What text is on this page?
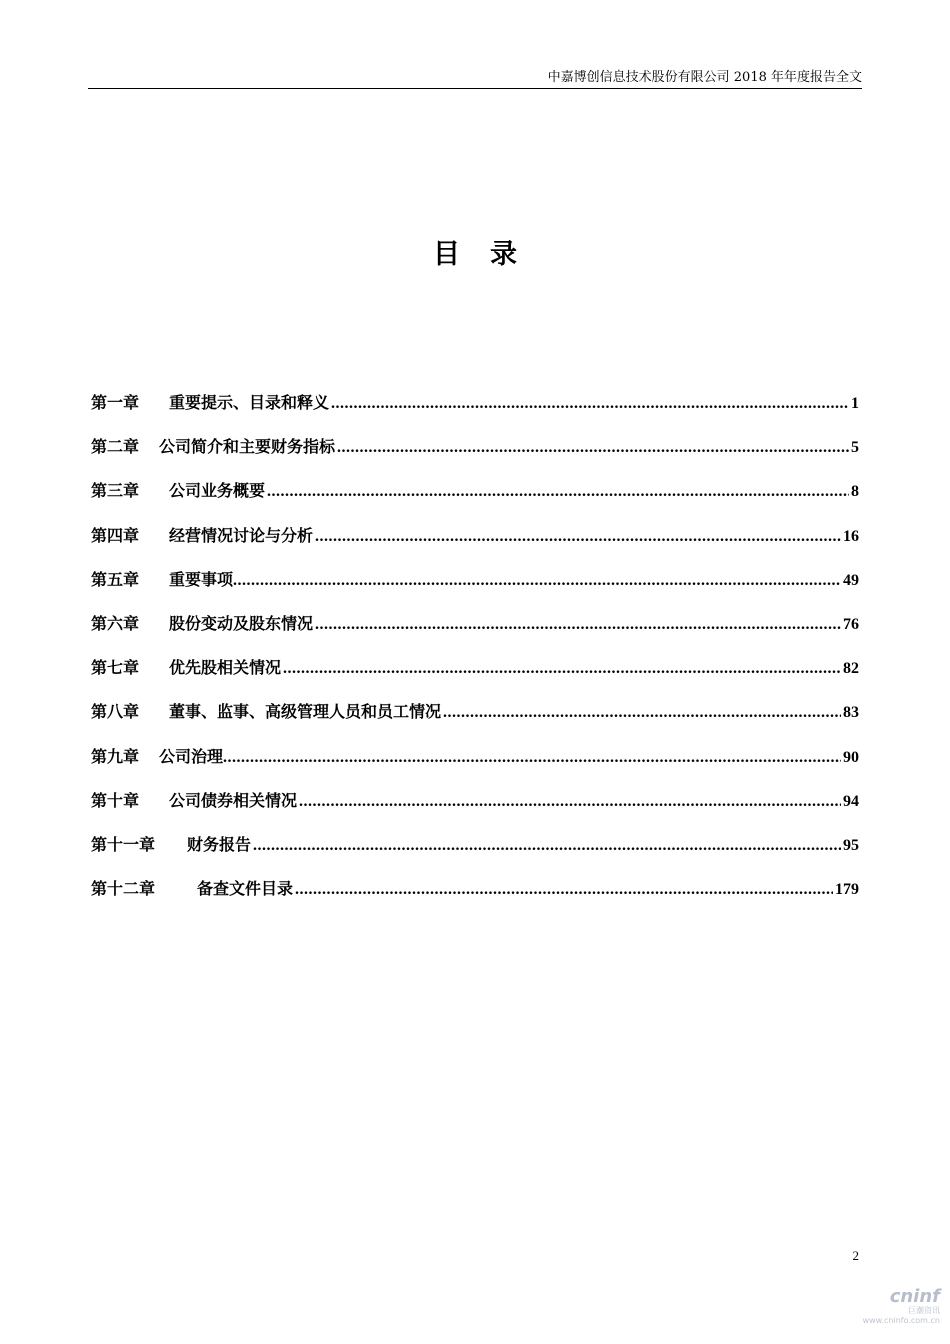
中嘉博创信息技术股份有限公司 2018 年年度报告全文
目 录
第一章	重要提示、目录和释义 .....	1
第二章	公司简介和主要财务指标 .....	5
第三章	公司业务概要 .....	8
第四章	经营情况讨论与分析 .....	16
第五章	重要事项 .....	49
第六章	股份变动及股东情况 .....	76
第七章	优先股相关情况 .....	82
第八章	董事、监事、高级管理人员和员工情况 .....	83
第九章	公司治理 .....	90
第十章	公司债券相关情况 .....	94
第十一章	财务报告 .....	95
第十二章	备查文件目录 .....	179
2
cninf
巨潮资讯
www.cninfo.com.cn
